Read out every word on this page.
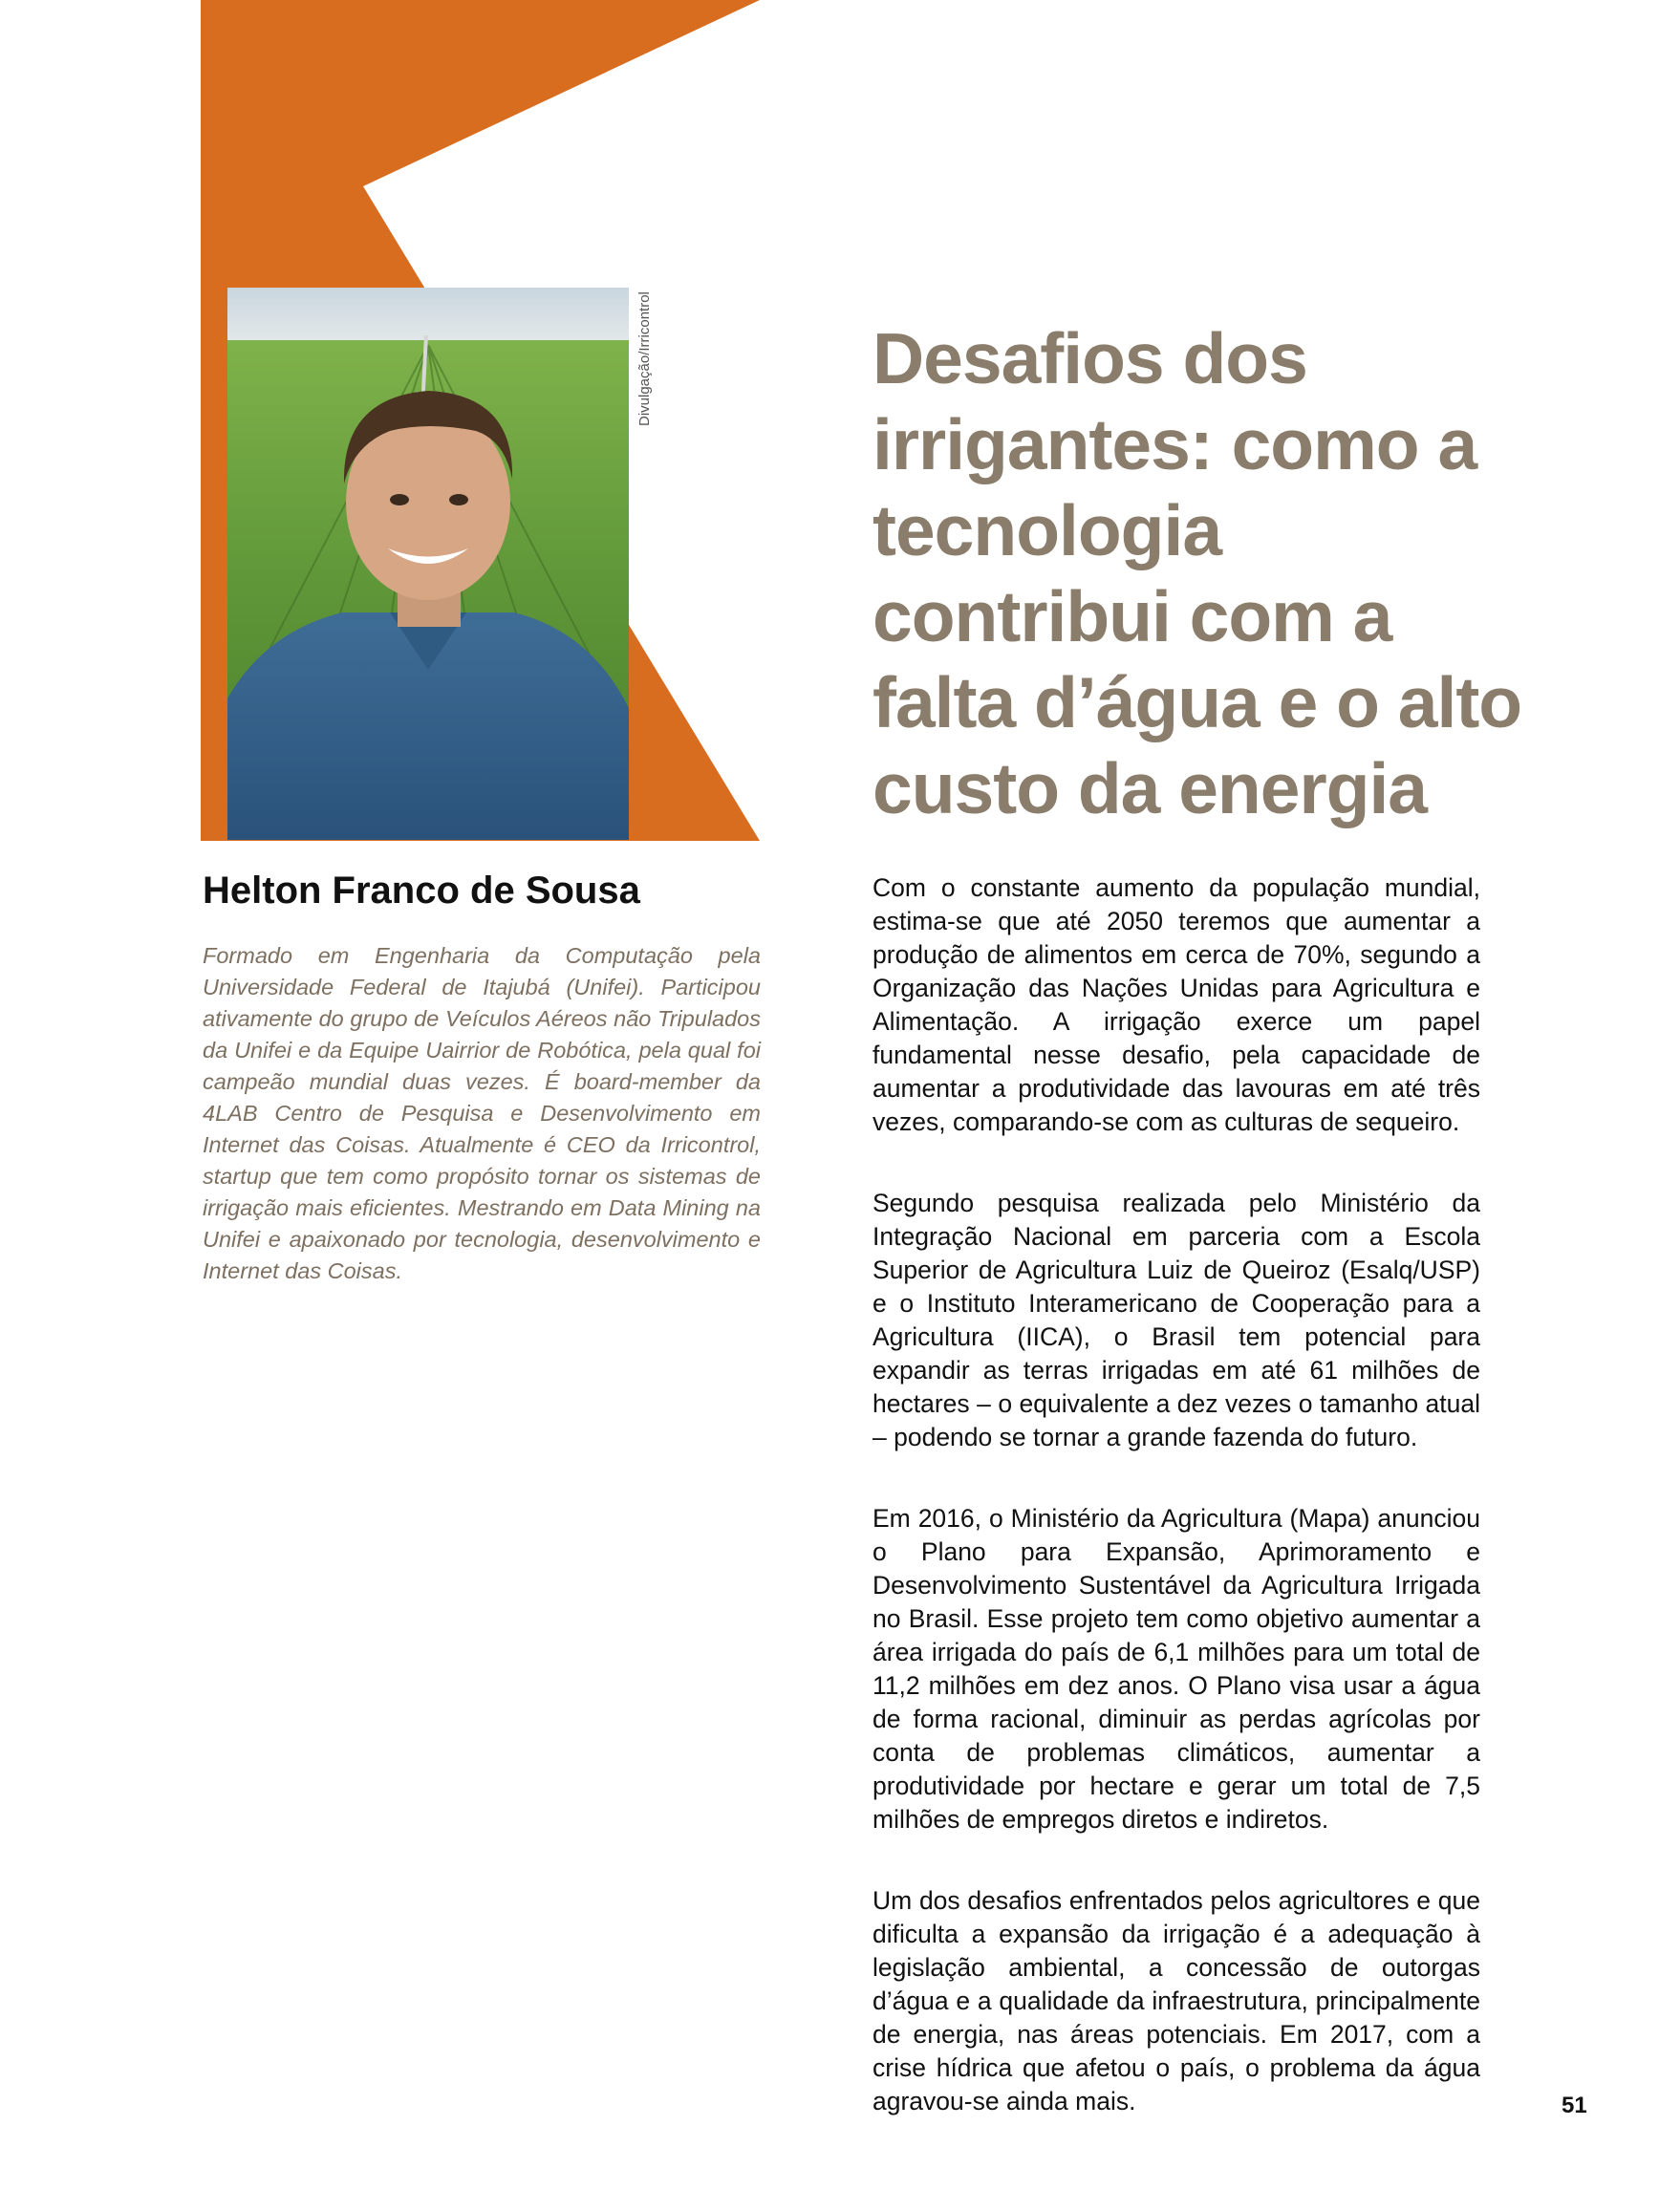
Divulgação/Irricontrol	Desafios dos irrigantes: como a tecnologia contribui com a falta d’água e o alto custo da energia
Helton Franco de Sousa

Formado em Engenharia da Computação pela Universidade Federal de Itajubá (Unifei). Participou ativamente do grupo de Veículos Aéreos não Tripulados da Unifei e da Equipe Uairrior de Robótica, pela qual foi campeão mundial duas vezes. É board-member da 4LAB Centro de Pesquisa e Desenvolvimento em Internet das Coisas. Atualmente é CEO da Irricontrol, startup que tem como propósito tornar os sistemas de irrigação mais eficientes. Mestrando em Data Mining na Unifei e apaixonado por tecnologia, desenvolvimento e Internet das Coisas.

Com o constante aumento da população mundial, estima-se que até 2050 teremos que aumentar a produção de alimentos em cerca de 70%, segundo a Organização das Nações Unidas para Agricultura e Alimentação. A irrigação exerce um papel fundamental nesse desafio, pela capacidade de aumentar a produtividade das lavouras em até três vezes, comparando-se com as culturas de sequeiro.

Segundo pesquisa realizada pelo Ministério da Integração Nacional em parceria com a Escola Superior de Agricultura Luiz de Queiroz (Esalq/USP) e o Instituto Interamericano de Cooperação para a Agricultura (IICA), o Brasil tem potencial para expandir as terras irrigadas em até 61 milhões de hectares – o equivalente a dez vezes o tamanho atual – podendo se tornar a grande fazenda do futuro.

Em 2016, o Ministério da Agricultura (Mapa) anunciou o Plano para Expansão, Aprimoramento e Desenvolvimento Sustentável da Agricultura Irrigada no Brasil. Esse projeto tem como objetivo aumentar a área irrigada do país de 6,1 milhões para um total de 11,2 milhões em dez anos. O Plano visa usar a água de forma racional, diminuir as perdas agrícolas por conta de problemas climáticos, aumentar a produtividade por hectare e gerar um total de 7,5 milhões de empregos diretos e indiretos.

Um dos desafios enfrentados pelos agricultores e que dificulta a expansão da irrigação é a adequação à legislação ambiental, a concessão de outorgas d’água e a qualidade da infraestrutura, principalmente de energia, nas áreas potenciais. Em 2017, com a crise hídrica que afetou o país, o problema da água agravou-se ainda mais.	51
